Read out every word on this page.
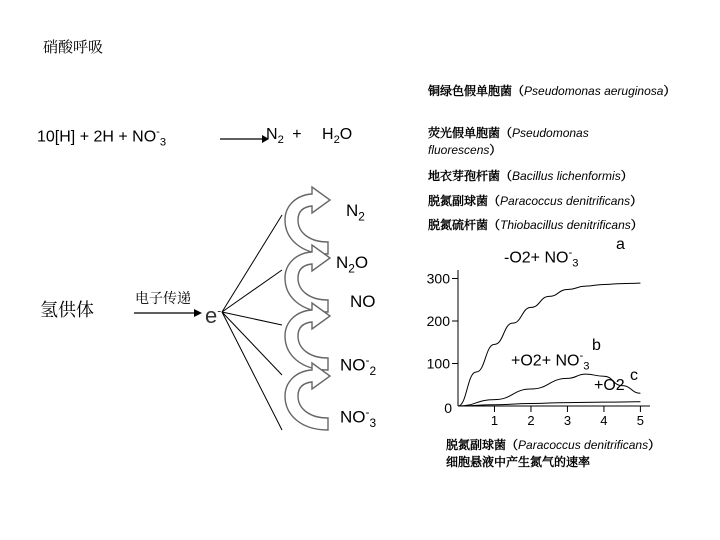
硝酸呼吸
$10[H] + 2H + NO^-_3$	$N_2 + H_2O$
铜绿色假单胞菌（Pseudomonas aeruginosa）
荧光假单胞菌（Pseudomonas fluorescens）
地衣芽孢杆菌（Bacillus lichenformis）
脱氮副球菌（Paracoccus denitrificans）
脱氮硫杆菌（Thiobacillus denitrificans）
氢供体
电子传递
e-
$N_2$
$N_2O$
NO
$NO^-_2$
$NO^-_3$
0
100
200
300
1 2 3 4 5
a
$-O2+ NO^-_3$
b
$+O2+ NO^-_3$
c
+O2
脱氮副球菌（Paracoccus denitrificans）
细胞悬液中产生氮气的速率
